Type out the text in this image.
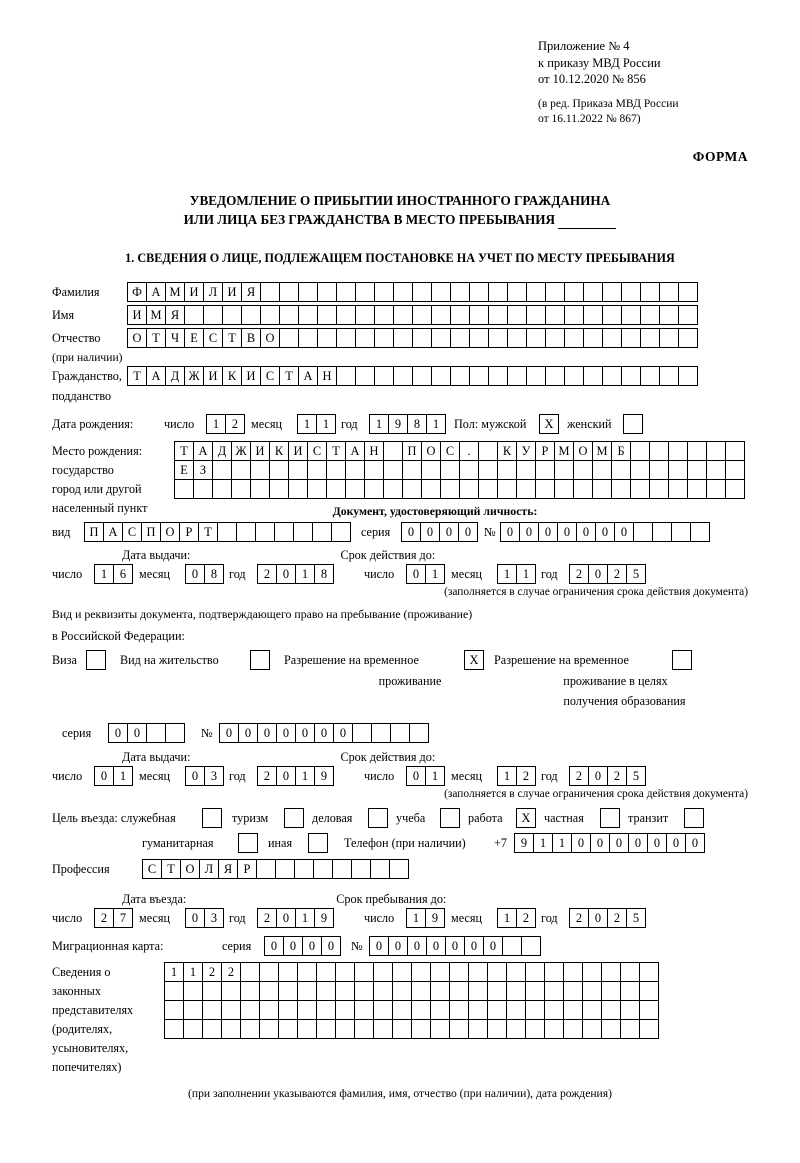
Приложение № 4
к приказу МВД России
от 10.12.2020 № 856
(в ред. Приказа МВД России
от 16.11.2022 № 867)
ФОРМА
УВЕДОМЛЕНИЕ О ПРИБЫТИИ ИНОСТРАННОГО ГРАЖДАНИНА
ИЛИ ЛИЦА БЕЗ ГРАЖДАНСТВА В МЕСТО ПРЕБЫВАНИЯ
1. СВЕДЕНИЯ О ЛИЦЕ, ПОДЛЕЖАЩЕМ ПОСТАНОВКЕ НА УЧЕТ ПО МЕСТУ ПРЕБЫВАНИЯ
Фамилия	Ф А М И Л И Я
Имя	И М Я
Отчество	О Т Ч Е С Т В О
(при наличии)
Гражданство,
подданство
Т А Д Ж И К И С Т А Н
Дата рождения:	число	1	2	месяц	1	1 год	1	9	8	1	Пол: мужской	Х	женский
Место рождения:	Т А Д Ж И К И С Т А Н	П О С	.	К У Р М О М Б
государство	Е З
город или другой
населенный пункт	Документ, удостоверяющий личность:
вид	П А С П О Р Т	серия	0	0	0	0	№ 0	0	0	0	0	0	0
Дата выдачи:	Срок действия до:
число	1	6	месяц	0	8 год	2	0	1	8	число	0	1	месяц	1	1 год	2	0	2	5
(заполняется в случае ограничения срока действия документа)
Вид и реквизиты документа, подтверждающего право на пребывание (проживание)
в Российской Федерации:
Виза	Вид на жительство	Разрешение на временное	Х	Разрешение на временное
проживание	проживание в целях
получения образования
серия	0	0	№	0	0	0	0	0	0	0
Дата выдачи:	Срок действия до:
число	0	1	месяц	0	3 год	2	0	1	9	число	0	1	месяц	1	2 год	2	0	2	5
(заполняется в случае ограничения срока действия документа)
Цель въезда: служебная	туризм	деловая	учеба	работа	Х	частная	транзит
гуманитарная	иная	Телефон (при наличии)	+7	9	1	1	0	0	0	0	0	0	0
Профессия	С Т О Л Я Р
Дата въезда:	Срок пребывания до:
число	2	7	месяц	0	3 год	2	0	1	9	число	1	9	месяц	1	2 год	2	0	2	5
Миграционная карта:	серия	0	0	0	0	№	0	0	0	0	0	0	0
Сведения о	1	1	2	2
законных
представителях
(родителях,
усыновителях,
попечителях)
(при заполнении указываются фамилия, имя, отчество (при наличии), дата рождения)
